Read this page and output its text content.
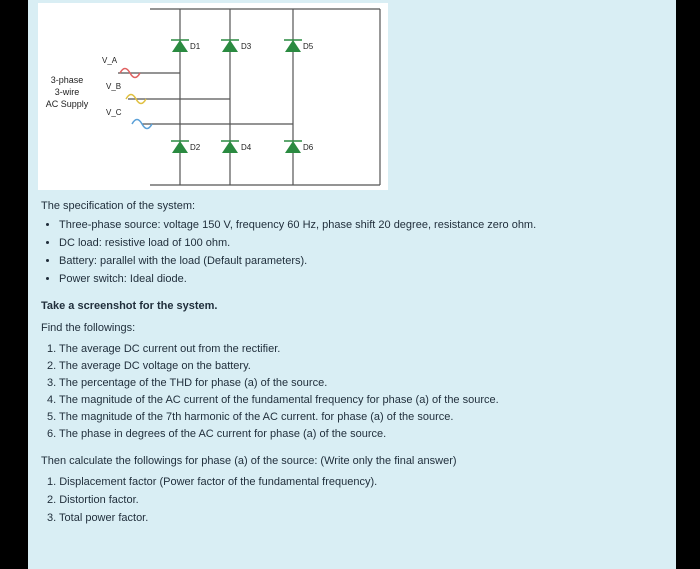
3-phase
3-wire
AC Supply
V_A
V_B
V_C
D1	D3	D5
D2	D4	D6

The specification of the system:

• Three-phase source: voltage 150 V, frequency 60 Hz, phase shift 20 degree, resistance zero ohm.
• DC load: resistive load of 100 ohm.
• Battery: parallel with the load (Default parameters).
• Power switch: Ideal diode.

Take a screenshot for the system.

Find the followings:

1. The average DC current out from the rectifier.
2. The average DC voltage on the battery.
3. The percentage of the THD for phase (a) of the source.
4. The magnitude of the AC current of the fundamental frequency for phase (a) of the source.
5. The magnitude of the 7th harmonic of the AC current. for phase (a) of the source.
6. The phase in degrees of the AC current for phase (a) of the source.

Then calculate the followings for phase (a) of the source: (Write only the final answer)

1. Displacement factor (Power factor of the fundamental frequency).
2. Distortion factor.
3. Total power factor.
